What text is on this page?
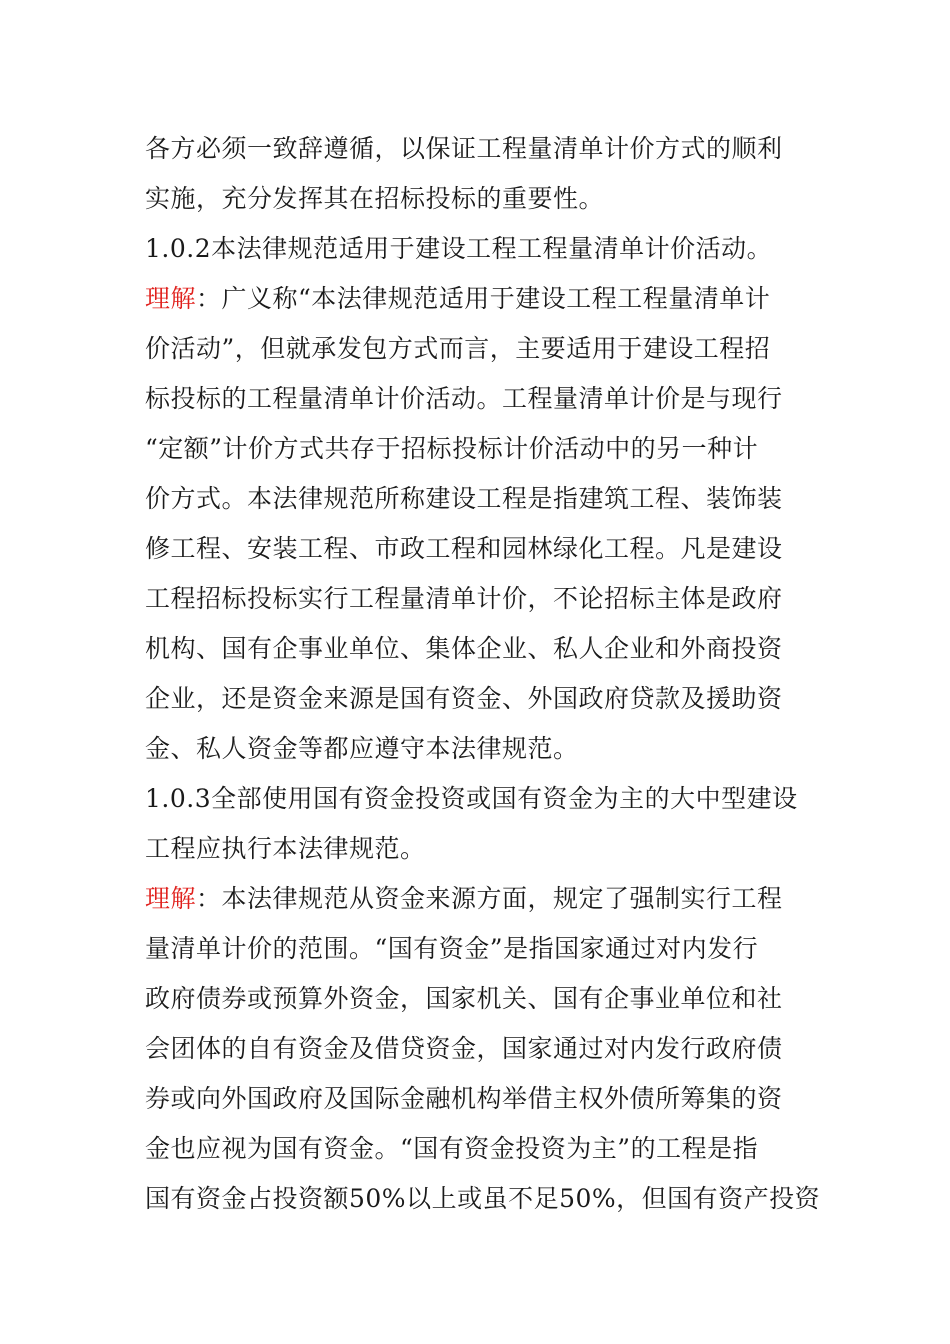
各方必须一致辞遵循，以保证工程量清单计价方式的顺利
实施，充分发挥其在招标投标的重要性。
1.0.2本法律规范适用于建设工程工程量清单计价活动。
理解：广义称“本法律规范适用于建设工程工程量清单计
价活动”，但就承发包方式而言，主要适用于建设工程招
标投标的工程量清单计价活动。工程量清单计价是与现行
“定额”计价方式共存于招标投标计价活动中的另一种计
价方式。本法律规范所称建设工程是指建筑工程、装饰装
修工程、安装工程、市政工程和园林绿化工程。凡是建设
工程招标投标实行工程量清单计价，不论招标主体是政府
机构、国有企事业单位、集体企业、私人企业和外商投资
企业，还是资金来源是国有资金、外国政府贷款及援助资
金、私人资金等都应遵守本法律规范。
1.0.3全部使用国有资金投资或国有资金为主的大中型建设
工程应执行本法律规范。
理解：本法律规范从资金来源方面，规定了强制实行工程
量清单计价的范围。“国有资金”是指国家通过对内发行
政府债券或预算外资金，国家机关、国有企事业单位和社
会团体的自有资金及借贷资金，国家通过对内发行政府债
券或向外国政府及国际金融机构举借主权外债所筹集的资
金也应视为国有资金。“国有资金投资为主”的工程是指
国有资金占投资额50%以上或虽不足50%，但国有资产投资
